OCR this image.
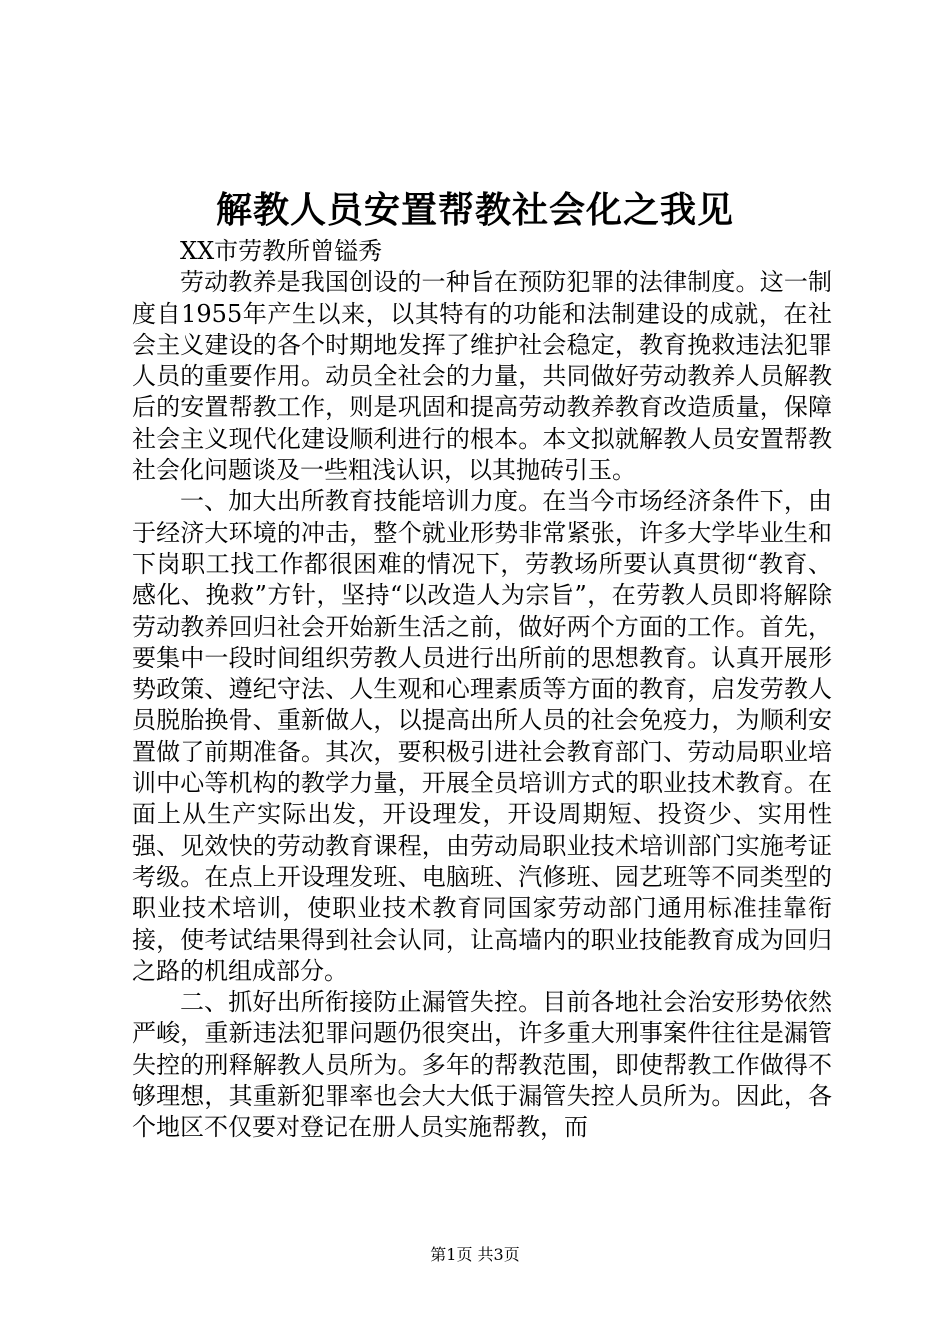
解教人员安置帮教社会化之我见

XX市劳教所曾镒秀

劳动教养是我国创设的一种旨在预防犯罪的法律制度。这一制度自1955年产生以来，以其特有的功能和法制建设的成就，在社会主义建设的各个时期地发挥了维护社会稳定，教育挽救违法犯罪人员的重要作用。动员全社会的力量，共同做好劳动教养人员解教后的安置帮教工作，则是巩固和提高劳动教养教育改造质量，保障社会主义现代化建设顺利进行的根本。本文拟就解教人员安置帮教社会化问题谈及一些粗浅认识，以其抛砖引玉。

一、加大出所教育技能培训力度。在当今市场经济条件下，由于经济大环境的冲击，整个就业形势非常紧张，许多大学毕业生和下岗职工找工作都很困难的情况下，劳教场所要认真贯彻“教育、感化、挽救”方针，坚持“以改造人为宗旨”，在劳教人员即将解除劳动教养回归社会开始新生活之前，做好两个方面的工作。首先，要集中一段时间组织劳教人员进行出所前的思想教育。认真开展形势政策、遵纪守法、人生观和心理素质等方面的教育，启发劳教人员脱胎换骨、重新做人，以提高出所人员的社会免疫力，为顺利安置做了前期准备。其次，要积极引进社会教育部门、劳动局职业培训中心等机构的教学力量，开展全员培训方式的职业技术教育。在面上从生产实际出发，开设理发，开设周期短、投资少、实用性强、见效快的劳动教育课程，由劳动局职业技术培训部门实施考证考级。在点上开设理发班、电脑班、汽修班、园艺班等不同类型的职业技术培训，使职业技术教育同国家劳动部门通用标准挂靠衔接，使考试结果得到社会认同，让高墙内的职业技能教育成为回归之路的机组成部分。

二、抓好出所衔接防止漏管失控。目前各地社会治安形势依然严峻，重新违法犯罪问题仍很突出，许多重大刑事案件往往是漏管失控的刑释解教人员所为。多年的帮教范围，即使帮教工作做得不够理想，其重新犯罪率也会大大低于漏管失控人员所为。因此，各个地区不仅要对登记在册人员实施帮教，而

第1页 共3页
